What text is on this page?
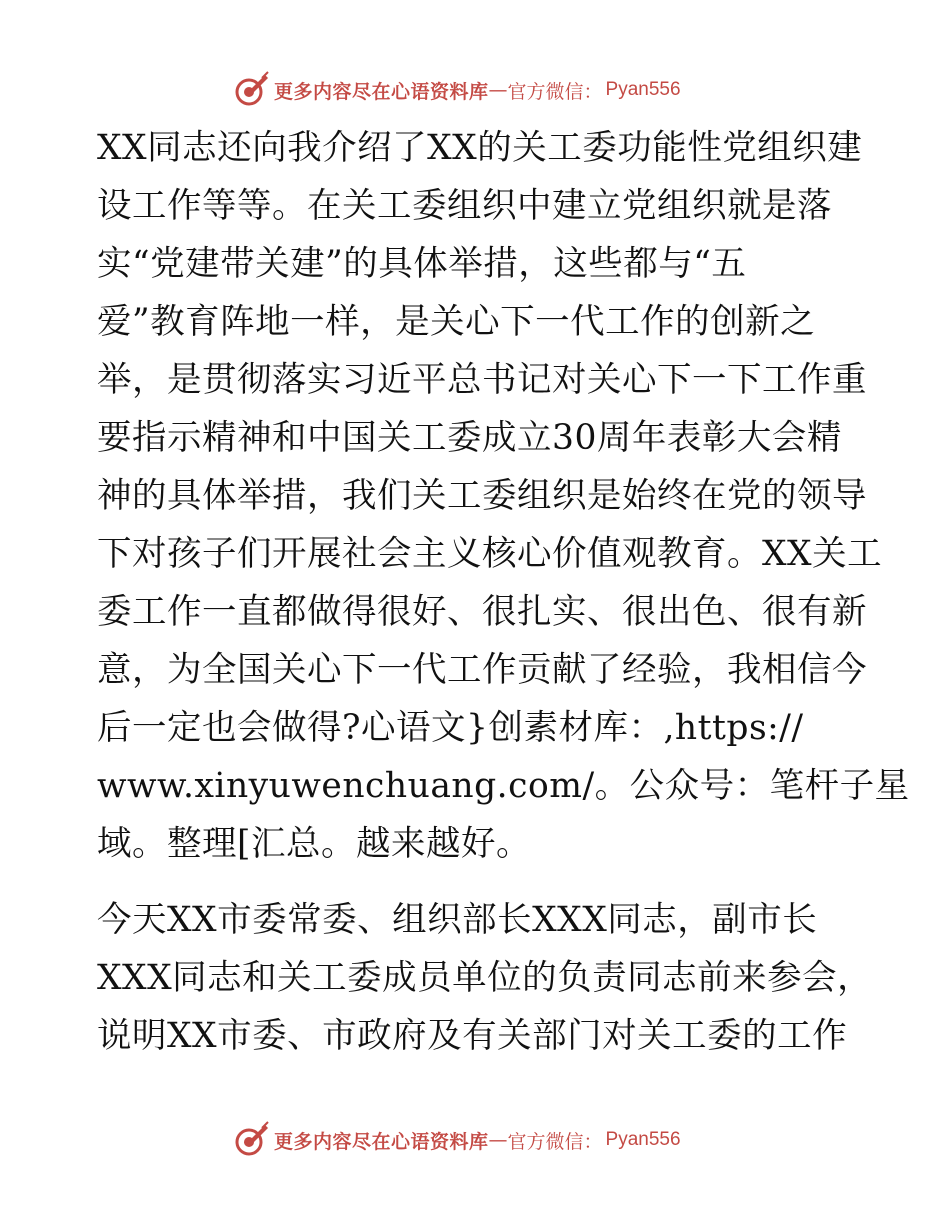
更多内容尽在心语资料库 — 官方微信： Pyan556
XX同志还向我介绍了XX的关工委功能性党组织建
设工作等等。在关工委组织中建立党组织就是落
实“党建带关建”的具体举措，这些都与“五
爱”教育阵地一样，是关心下一代工作的创新之
举，是贯彻落实习近平总书记对关心下一下工作重
要指示精神和中国关工委成立30周年表彰大会精
神的具体举措，我们关工委组织是始终在党的领导
下对孩子们开展社会主义核心价值观教育。XX关工
委工作一直都做得很好、很扎实、很出色、很有新
意，为全国关心下一代工作贡献了经验，我相信今
后一定也会做得?心语文}创素材库：,https://
www.xinyuwenchuang.com/。公众号：笔杆子星
域。整理[汇总。越来越好。
今天XX市委常委、组织部长XXX同志，副市长
XXX同志和关工委成员单位的负责同志前来参会，
说明XX市委、市政府及有关部门对关工委的工作
更多内容尽在心语资料库 — 官方微信： Pyan556
